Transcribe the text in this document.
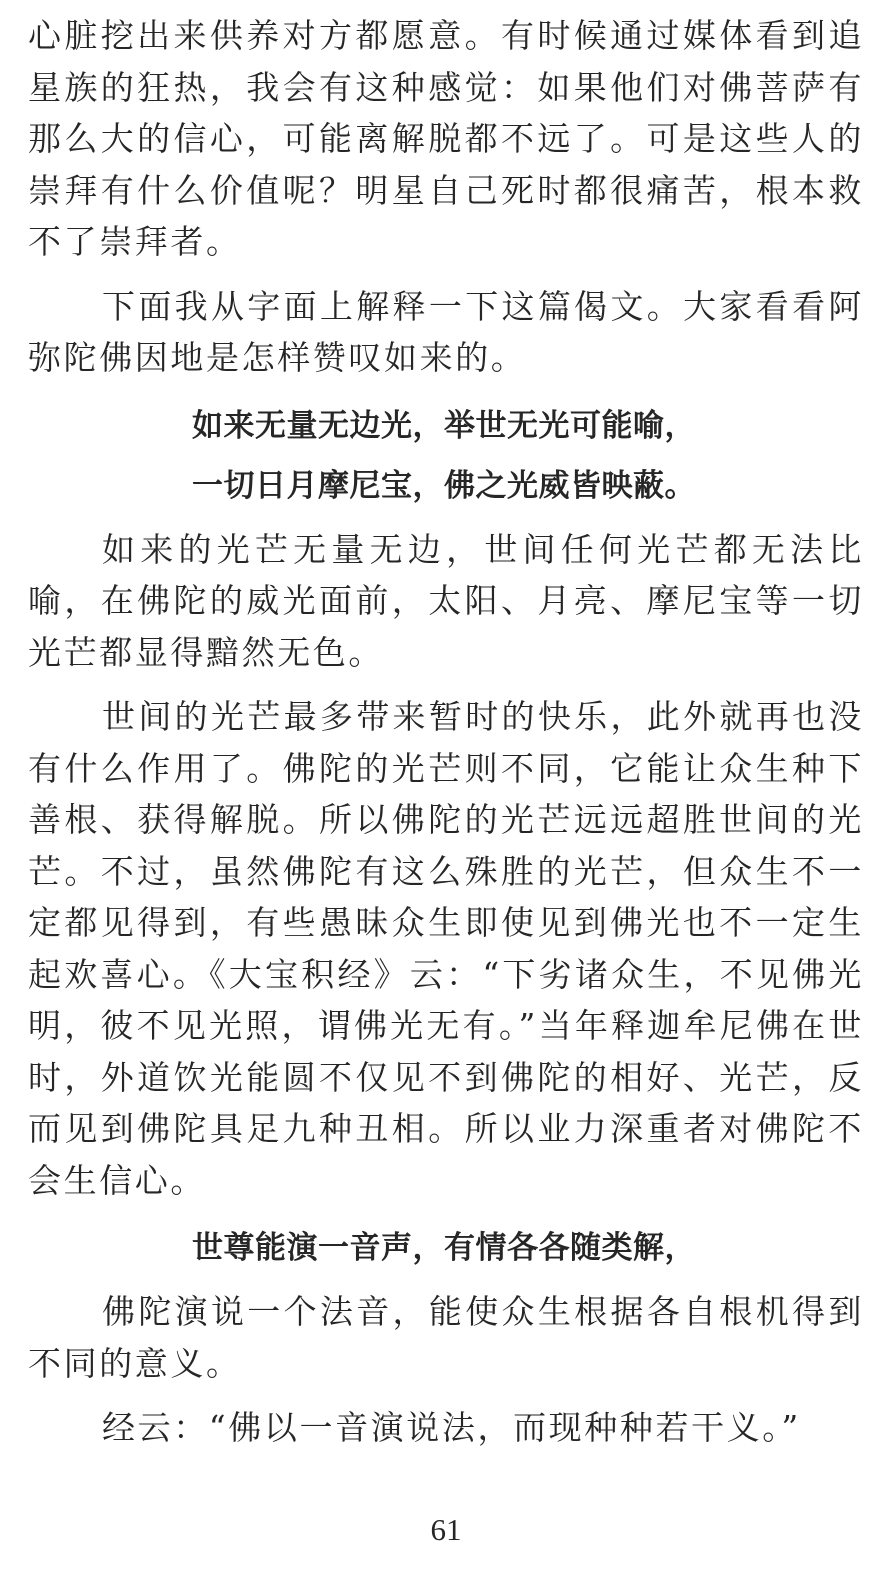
心脏挖出来供养对方都愿意。有时候通过媒体看到追星族的狂热，我会有这种感觉：如果他们对佛菩萨有那么大的信心，可能离解脱都不远了。可是这些人的崇拜有什么价值呢？明星自己死时都很痛苦，根本救不了崇拜者。

下面我从字面上解释一下这篇偈文。大家看看阿弥陀佛因地是怎样赞叹如来的。

如来无量无边光，举世无光可能喻，

一切日月摩尼宝，佛之光威皆映蔽。

如来的光芒无量无边，世间任何光芒都无法比喻，在佛陀的威光面前，太阳、月亮、摩尼宝等一切光芒都显得黯然无色。

世间的光芒最多带来暂时的快乐，此外就再也没有什么作用了。佛陀的光芒则不同，它能让众生种下善根、获得解脱。所以佛陀的光芒远远超胜世间的光芒。不过，虽然佛陀有这么殊胜的光芒，但众生不一定都见得到，有些愚昧众生即使见到佛光也不一定生起欢喜心。《大宝积经》云：“下劣诸众生，不见佛光明，彼不见光照，谓佛光无有。”当年释迦牟尼佛在世时，外道饮光能圆不仅见不到佛陀的相好、光芒，反而见到佛陀具足九种丑相。所以业力深重者对佛陀不会生信心。

世尊能演一音声，有情各各随类解，

佛陀演说一个法音，能使众生根据各自根机得到不同的意义。

经云：“佛以一音演说法，而现种种若干义。”

61
